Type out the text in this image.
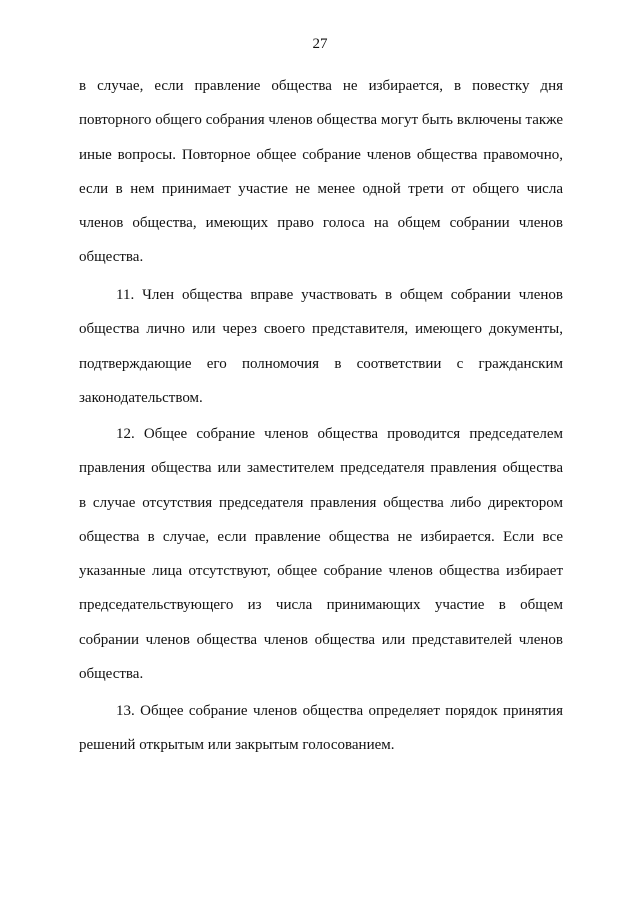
27
в случае, если правление общества не избирается, в повестку дня
повторного общего собрания членов общества могут быть включены также
иные вопросы. Повторное общее собрание членов общества правомочно,
если в нем принимает участие не менее одной трети от общего числа
членов общества, имеющих право голоса на общем собрании членов
общества.
11. Член общества вправе участвовать в общем собрании членов
общества лично или через своего представителя, имеющего документы,
подтверждающие его полномочия в соответствии с гражданским
законодательством.
12. Общее собрание членов общества проводится председателем
правления общества или заместителем председателя правления общества
в случае отсутствия председателя правления общества либо директором
общества в случае, если правление общества не избирается. Если все
указанные лица отсутствуют, общее собрание членов общества избирает
председательствующего из числа принимающих участие в общем
собрании членов общества членов общества или представителей членов
общества.
13. Общее собрание членов общества определяет порядок принятия
решений открытым или закрытым голосованием.
